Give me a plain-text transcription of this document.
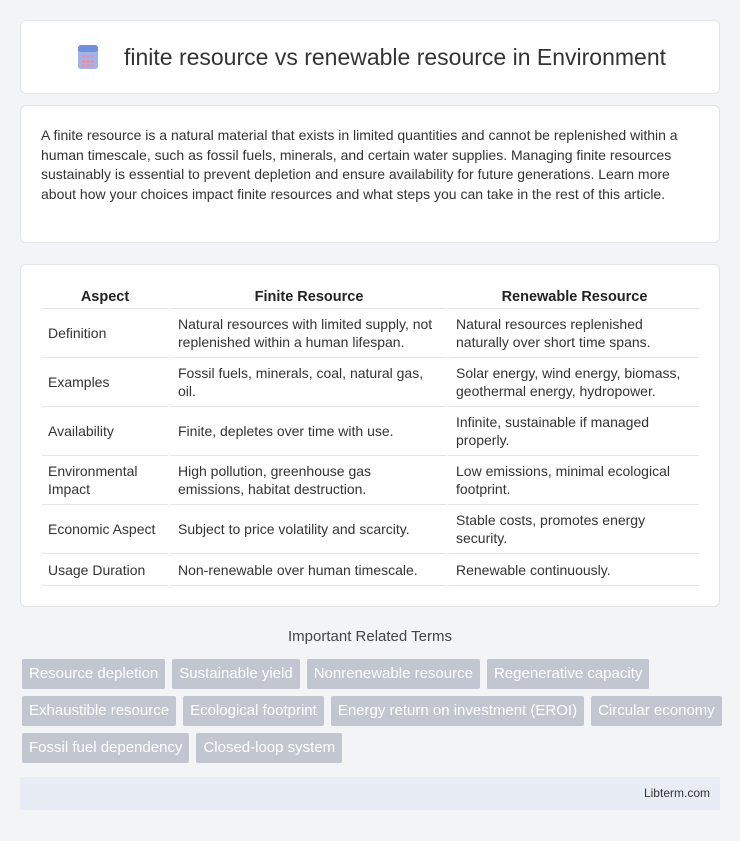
finite resource vs renewable resource in Environment

A finite resource is a natural material that exists in limited quantities and cannot be replenished within a human timescale, such as fossil fuels, minerals, and certain water supplies. Managing finite resources sustainably is essential to prevent depletion and ensure availability for future generations. Learn more about how your choices impact finite resources and what steps you can take in the rest of this article.

Aspect	Finite Resource	Renewable Resource
Definition	Natural resources with limited supply, not replenished within a human lifespan.	Natural resources replenished naturally over short time spans.
Examples	Fossil fuels, minerals, coal, natural gas, oil.	Solar energy, wind energy, biomass, geothermal energy, hydropower.
Availability	Finite, depletes over time with use.	Infinite, sustainable if managed properly.
Environmental Impact	High pollution, greenhouse gas emissions, habitat destruction.	Low emissions, minimal ecological footprint.
Economic Aspect	Subject to price volatility and scarcity.	Stable costs, promotes energy security.
Usage Duration	Non-renewable over human timescale.	Renewable continuously.
Important Related Terms
Resource depletion	Sustainable yield	Nonrenewable resource	Regenerative capacity
Exhaustible resource	Ecological footprint	Energy return on investment (EROI)	Circular economy
Fossil fuel dependency	Closed-loop system
Libterm.com
